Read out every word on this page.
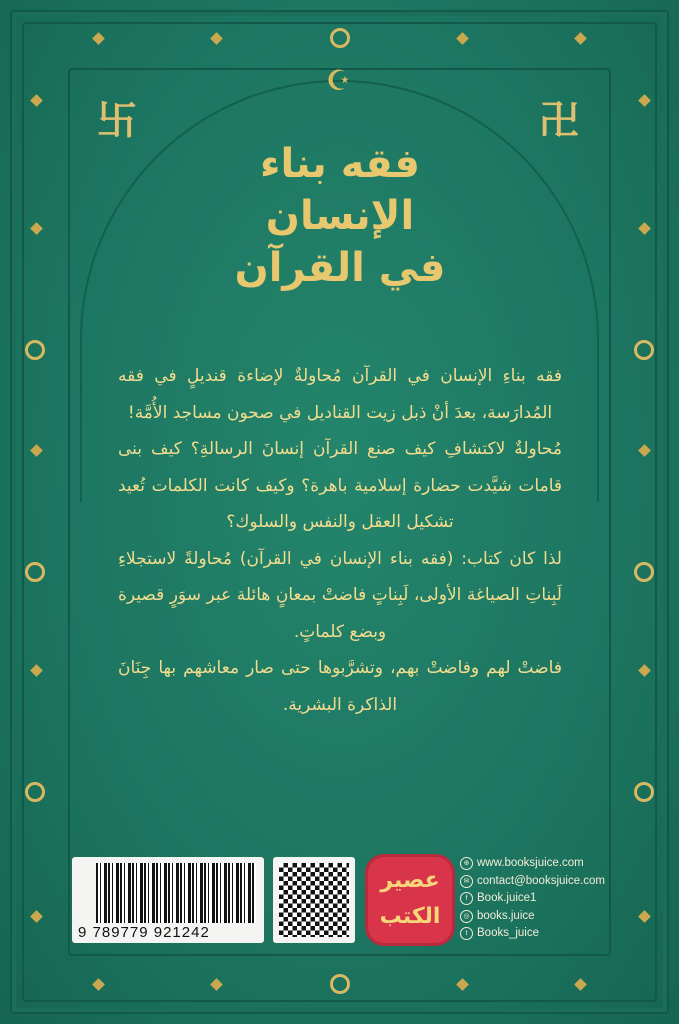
☪
卐	卍
فقه بناء
الإنسان
في القرآن

فقه بناءِ الإنسان في القرآن مُحاولةٌ لإضاءة قنديلٍ في فقه المُدارَسة، بعدَ أنْ ذبل زيت القناديل في صحون مساجد الأُمَّة!

مُحاولةٌ لاكتشافِ كيف صنع القرآن إنسانَ الرسالةِ؟ كيف بنى قامات شيَّدت حضارة إسلامية باهرة؟ وكيف كانت الكلمات تُعيد تشكيل العقل والنفس والسلوك؟

لذا كان كتاب: (فقه بناء الإنسان في القرآن) مُحاولةً لاستجلاءِ لَبِناتِ الصياغة الأولى، لَبِناتٍ فاضتْ بمعانٍ هائلة عبر سوَرٍ قصيرة وبضع كلماتٍ.

فاضتْ لهم وفاضتْ بهم، وتشرَّبوها حتى صار معاشهم بها جِنَانَ الذاكرة البشرية.

9 789779 921242
عصير
الكتب
⊕ www.booksjuice.com
✉ contact@booksjuice.com
f Book.juice1
◎ books.juice
t Books_juice
